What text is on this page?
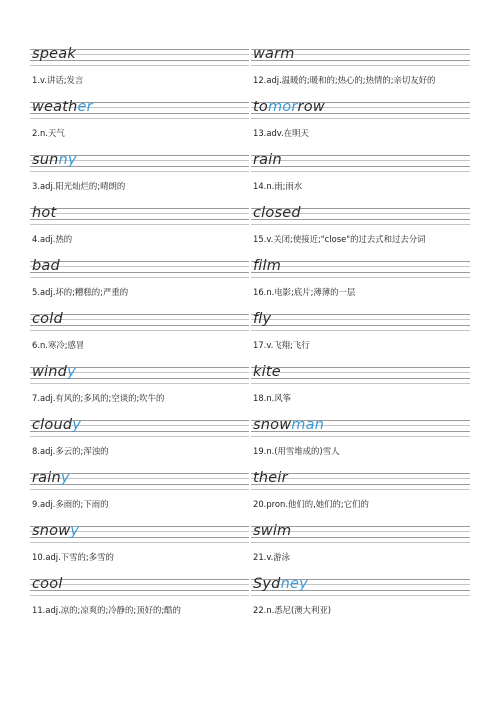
speak
1.v.讲话;发言
weather
2.n.天气
sunny
3.adj.阳光灿烂的;晴朗的
hot
4.adj.热的
bad
5.adj.坏的;糟糕的;严重的
cold
6.n.寒冷;感冒
windy
7.adj.有风的;多风的;空谈的;吹牛的
cloudy
8.adj.多云的;浑浊的
rainy
9.adj.多雨的;下雨的
snowy
10.adj.下雪的;多雪的
cool
11.adj.凉的;凉爽的;冷静的;顶好的;酷的
warm
12.adj.温暖的;暖和的;热心的;热情的;亲切友好的
tomorrow
13.adv.在明天
rain
14.n.雨;雨水
closed
15.v.关闭;使接近;"close"的过去式和过去分词
film
16.n.电影;底片;薄薄的一层
fly
17.v.飞翔;飞行
kite
18.n.风筝
snowman
19.n.(用雪堆成的)雪人
their
20.pron.他们的,她们的;它们的
swim
21.v.游泳
Sydney
22.n.悉尼(澳大利亚)
